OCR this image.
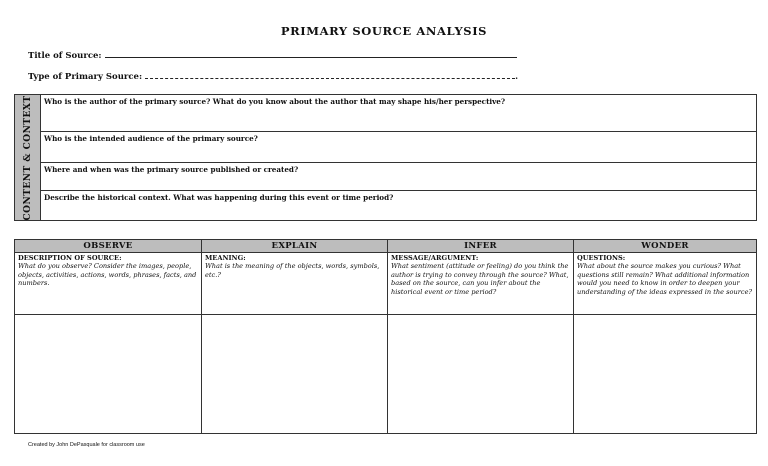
PRIMARY SOURCE ANALYSIS
Title of Source:
Type of Primary Source:	.
CONTENT & CONTEXT	Who is the author of the primary source? What do you know about the author that may shape his/her perspective?
Who is the intended audience of the primary source?
Where and when was the primary source published or created?
Describe the historical context. What was happening during this event or time period?
OBSERVE
DESCRIPTION OF SOURCE:
What do you observe? Consider the images, people, objects, activities, actions, words, phrases, facts, and numbers.
EXPLAIN
MEANING:
What is the meaning of the objects, words, symbols, etc.?
INFER
MESSAGE/ARGUMENT:
What sentiment (attitude or feeling) do you think the author is trying to convey through the source? What, based on the source, can you infer about the historical event or time period?
WONDER
QUESTIONS:
What about the source makes you curious? What questions still remain? What additional information would you need to know in order to deepen your understanding of the ideas expressed in the source?
Created by John DePasquale for classroom use
